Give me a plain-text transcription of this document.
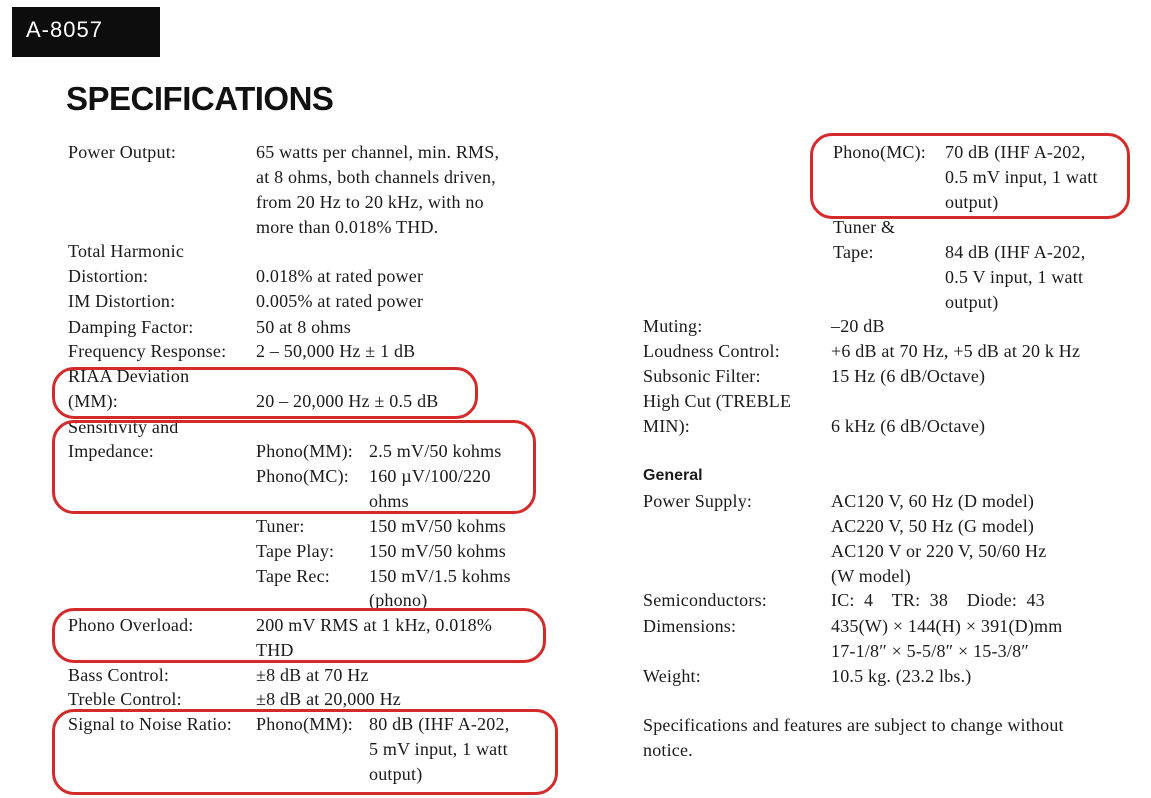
A-8057
SPECIFICATIONS
Power Output:	65 watts per channel, min. RMS,
at 8 ohms, both channels driven,
from 20 Hz to 20 kHz, with no
more than 0.018% THD.
Total Harmonic
Distortion:	0.018% at rated power
IM Distortion:	0.005% at rated power
Damping Factor:	50 at 8 ohms
Frequency Response: 2 – 50,000 Hz ± 1 dB
RIAA Deviation
(MM):	20 – 20,000 Hz ± 0.5 dB
Sensitivity and
Impedance:	Phono(MM): 2.5 mV/50 kohms
Phono(MC): 160 µV/100/220
ohms
Tuner:	150 mV/50 kohms
Tape Play: 150 mV/50 kohms
Tape Rec: 150 mV/1.5 kohms
(phono)
Phono Overload:	200 mV RMS at 1 kHz, 0.018%
THD
Bass Control:	±8 dB at 70 Hz
Treble Control:	±8 dB at 20,000 Hz
Signal to Noise Ratio: Phono(MM): 80 dB (IHF A-202,
5 mV input, 1 watt
output)
Phono(MC): 70 dB (IHF A-202,
0.5 mV input, 1 watt
output)
Tuner &
Tape:	84 dB (IHF A-202,
0.5 V input, 1 watt
output)
Muting:	–20 dB
Loudness Control:	+6 dB at 70 Hz, +5 dB at 20 k Hz
Subsonic Filter:	15 Hz (6 dB/Octave)
High Cut (TREBLE
MIN):	6 kHz (6 dB/Octave)
General
Power Supply:	AC120 V, 60 Hz (D model)
AC220 V, 50 Hz (G model)
AC120 V or 220 V, 50/60 Hz
(W model)
Semiconductors:	IC:  4    TR:  38    Diode:  43
Dimensions:	435(W) × 144(H) × 391(D)mm
17-1/8″ × 5-5/8″ × 15-3/8″
Weight:	10.5 kg. (23.2 lbs.)
Specifications and features are subject to change without
notice.
